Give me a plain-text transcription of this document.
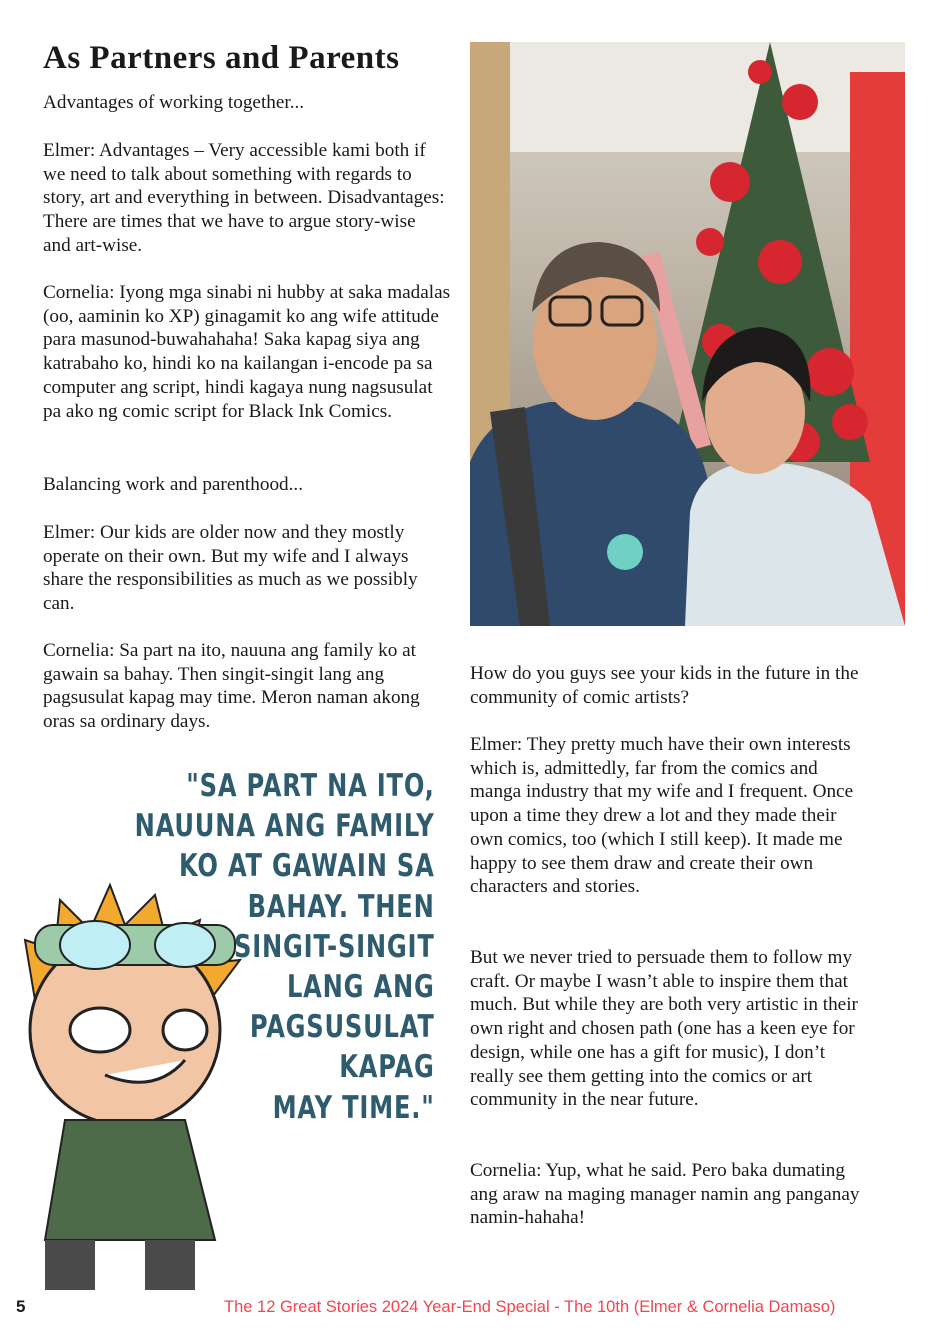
As Partners and Parents

Advantages of working together...

Elmer: Advantages – Very accessible kami both if we need to talk about something with regards to story, art and everything in between. Disadvantages: There are times that we have to argue story-wise and art-wise.

Cornelia: Iyong mga sinabi ni hubby at saka madalas (oo, aaminin ko XP) ginagamit ko ang wife attitude para masunod-buwahahaha! Saka kapag siya ang katrabaho ko, hindi ko na kailangan i-encode pa sa computer ang script, hindi kagaya nung nagsusulat pa ako ng comic script for Black Ink Comics.

Balancing work and parenthood...

Elmer: Our kids are older now and they mostly operate on their own. But my wife and I always share the responsibilities as much as we possibly can.

Cornelia: Sa part na ito, nauuna ang family ko at gawain sa bahay. Then singit-singit lang ang pagsusulat kapag may time. Meron naman akong oras sa ordinary days.

How do you guys see your kids in the future in the community of comic artists?

Elmer: They pretty much have their own interests which is, admittedly, far from the comics and manga industry that my wife and I frequent. Once upon a time they drew a lot and they made their own comics, too (which I still keep). It made me happy to see them draw and create their own characters and stories.

But we never tried to persuade them to follow my craft. Or maybe I wasn’t able to inspire them that much. But while they are both very artistic in their own right and chosen path (one has a keen eye for design, while one has a gift for music), I don’t really see them getting into the comics or art community in the near future.

Cornelia: Yup, what he said. Pero baka dumating ang araw na maging manager namin ang panganay namin-hahaha!

"SA PART NA ITO,
NAUUNA ANG FAMILY
KO AT GAWAIN SA
BAHAY. THEN
SINGIT-SINGIT
LANG ANG
PAGSUSULAT
KAPAG
MAY TIME."
5	The 12 Great Stories 2024 Year-End Special - The 10th (Elmer & Cornelia Damaso)
